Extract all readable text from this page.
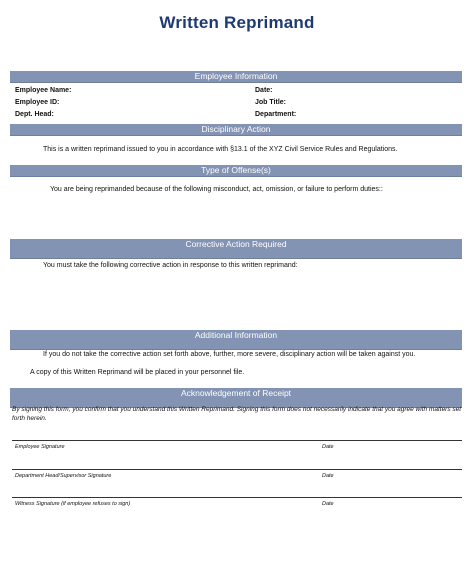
Written Reprimand
Employee Information
Employee Name:	Date:
Employee ID:	Job Title:
Dept. Head:	Department:
Disciplinary Action
This is a written reprimand issued to you in accordance with §13.1 of the XYZ Civil Service Rules and Regulations.
Type of Offense(s)
You are being reprimanded because of the following misconduct, act, omission, or failure to perform duties::
Corrective Action Required
You must take the following corrective action in response to this written reprimand:
Additional Information
If you do not take the corrective action set forth above, further, more severe, disciplinary action will be taken against you.
A copy of this Written Reprimand will be placed in your personnel file.
Acknowledgement of Receipt
By signing this form, you confirm that you understand this Written Reprimand. Signing this form does not necessarily indicate that you agree with matters set forth herein.
Employee Signature	Date
Department Head/Supervisor Signature	Date
Witness Signature (if employee refuses to sign)	Date
